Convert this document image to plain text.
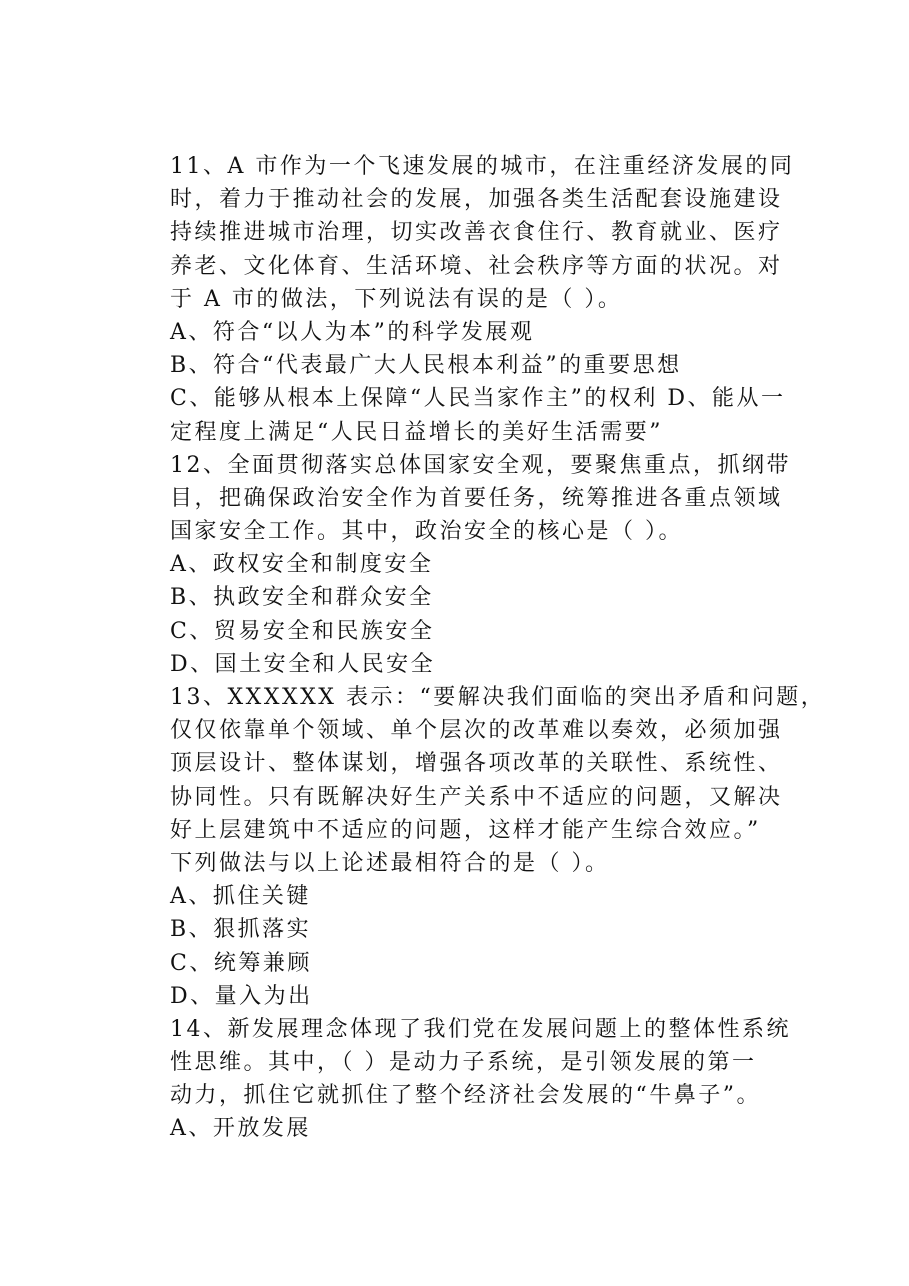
11、A 市作为一个飞速发展的城市，在注重经济发展的同
时，着力于推动社会的发展，加强各类生活配套设施建设
持续推进城市治理，切实改善衣食住行、教育就业、医疗
养老、文化体育、生活环境、社会秩序等方面的状况。对
于 A 市的做法，下列说法有误的是（ ）。
A、符合“以人为本”的科学发展观
B、符合“代表最广大人民根本利益”的重要思想
C、能够从根本上保障“人民当家作主”的权利 D、能从一
定程度上满足“人民日益增长的美好生活需要”
12、全面贯彻落实总体国家安全观，要聚焦重点，抓纲带
目，把确保政治安全作为首要任务，统筹推进各重点领域
国家安全工作。其中，政治安全的核心是（ ）。
A、政权安全和制度安全
B、执政安全和群众安全
C、贸易安全和民族安全
D、国土安全和人民安全
13、XXXXXX 表示：“要解决我们面临的突出矛盾和问题，
仅仅依靠单个领域、单个层次的改革难以奏效，必须加强
顶层设计、整体谋划，增强各项改革的关联性、系统性、
协同性。只有既解决好生产关系中不适应的问题，又解决
好上层建筑中不适应的问题，这样才能产生综合效应。”
下列做法与以上论述最相符合的是（ ）。
A、抓住关键
B、狠抓落实
C、统筹兼顾
D、量入为出
14、新发展理念体现了我们党在发展问题上的整体性系统
性思维。其中，（ ）是动力子系统，是引领发展的第一
动力，抓住它就抓住了整个经济社会发展的“牛鼻子”。
A、开放发展
